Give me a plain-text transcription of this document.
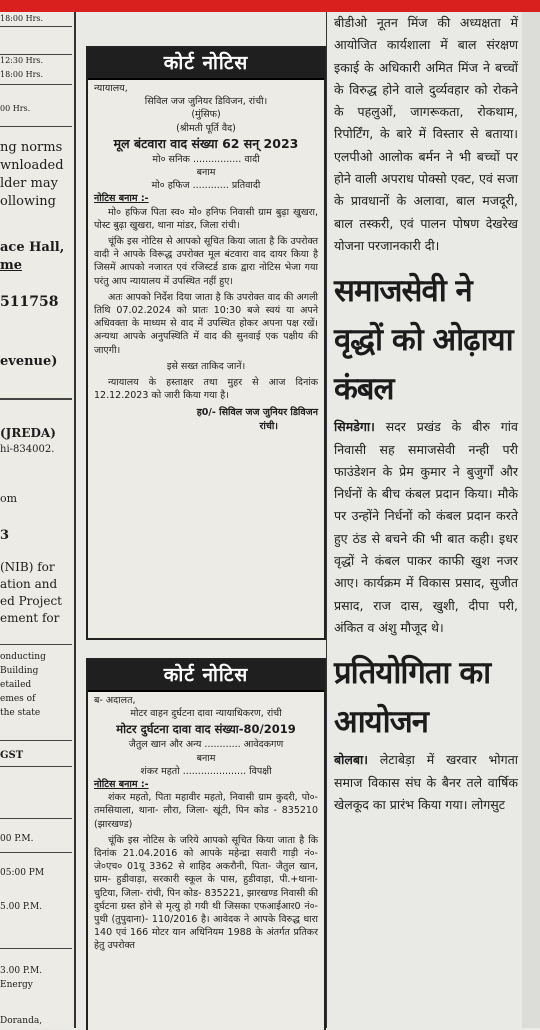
18:00 Hrs.
12:30 Hrs.
18:00 Hrs.
00 Hrs.
ng norms
wnloaded
lder may
ollowing
ace Hall,
me
511758
evenue)
(JREDA)
hi-834002.
om
3
(NIB) for
ation and
ed Project
ement for
onducting
Building
etailed
emes of
the state
GST
00 P.M.
05:00 PM
5.00 P.M.
3.00 P.M.
Energy
Doranda,
कोर्ट नोटिस
न्यायालय,
सिविल जज जुनियर डिविजन, रांची।
(मुंसिफ)
(श्रीमती पूर्ति वैद)
मूल बंटवारा वाद संख्या 62 सन् 2023
मो० सनिक ................ वादी
बनाम
मो० हफिज ............ प्रतिवादी
नोटिस बनाम :-
मो० हफिज पिता स्व० मो० हनिफ निवासी ग्राम बुढ़ा खुखरा, पोस्ट बुढ़ा खुखरा, थाना मांडर, जिला रांची।
चूंकि इस नोटिस से आपको सूचित किया जाता है कि उपरोक्त वादी ने आपके विरूद्ध उपरोक्त मूल बंटवारा वाद दायर किया है जिसमें आपको नजारत एवं रजिस्टर्ड डाक द्वारा नोटिस भेजा गया परंतु आप न्यायालय में उपस्थित नहीं हुए।
अतः आपको निर्देश दिया जाता है कि उपरोक्त वाद की अगली तिथि 07.02.2024 को प्रातः 10:30 बजे स्वयं या अपने अधिवक्ता के माध्यम से वाद में उपस्थित होकर अपना पक्ष रखें। अन्यथा आपके अनुपस्थिति में वाद की सुनवाई एक पक्षीय की जाएगी।
इसे सख्त ताकिद जानें।
न्यायालय के हस्ताक्षर तथा मुहर से आज दिनांक 12.12.2023 को जारी किया गया है।
ह0/- सिविल जज जुनियर डिविजन
रांची।
कोर्ट नोटिस
ब- अदालत,
मोटर वाहन दुर्घटना दावा न्यायाधिकरण, रांची
मोटर दुर्घटना दावा वाद संख्या-80/2019
जैतुल खान और अन्य ............ आवेदकगण
बनाम
शंकर महतो ..................... विपक्षी
नोटिस बनाम :-
शंकर महतो, पिता महावीर महतो, निवासी ग्राम कुदरी, पो०- तमसियाला, थाना- लौरा, जिला- खूंटी, पिन कोड - 835210 (झारखण्ड)
चूंकि इस नोटिस के जरिये आपको सूचित किया जाता है कि दिनांक 21.04.2016 को आपके महेन्द्रा सवारी गाड़ी नं०- जे०एच० 01यू 3362 से शाहिद अकरौनी, पिता- जैतुल खान, ग्राम- हुडीवाड़ा, सरकारी स्कूल के पास, हुडीवाड़ा, पी.+थाना- चुटिया, जिला- रांची, पिन कोड- 835221, झारखण्ड निवासी की दुर्घटना ग्रस्त होने से मृत्यु हो गयी थी जिसका एफआईआर0 नं०- पुथी (तुपुदाना)- 110/2016 है। आवेदक ने आपके विरुद्ध धारा 140 एवं 166 मोटर यान अधिनियम 1988 के अंतर्गत प्रतिकर हेतु उपरोक्त

बीडीओ नूतन मिंज की अध्यक्षता में आयोजित कार्यशाला में बाल संरक्षण इकाई के अधिकारी अमित मिंज ने बच्चों के विरुद्ध होने वाले दुर्व्यवहार को रोकने के पहलुओं, जागरूकता, रोकथाम, रिपोर्टिंग, के बारे में विस्तार से बताया। एलपीओ आलोक बर्मन ने भी बच्चों पर होने वाली अपराध पोक्सो एक्ट, एवं सजा के प्रावधानों के अलावा, बाल मजदूरी, बाल तस्करी, एवं पालन पोषण देखरेख योजना परजानकारी दी।

समाजसेवी ने वृद्धों को ओढ़ाया कंबल

सिमडेगा। सदर प्रखंड के बीरु गांव निवासी सह समाजसेवी नन्ही परी फाउंडेशन के प्रेम कुमार ने बुजुर्गों और निर्धनों के बीच कंबल प्रदान किया। मौके पर उन्होंने निर्धनों को कंबल प्रदान करते हुए ठंड से बचने की भी बात कही। इधर वृद्धों ने कंबल पाकर काफी खुश नजर आए। कार्यक्रम में विकास प्रसाद, सुजीत प्रसाद, राज दास, खुशी, दीपा परी, अंकित व अंशु मौजूद थे।

प्रतियोगिता का आयोजन

बोलबा। लेटाबेड़ा में खरवार भोगता समाज विकास संघ के बैनर तले वार्षिक खेलकूद का प्रारंभ किया गया। लोगसुट
